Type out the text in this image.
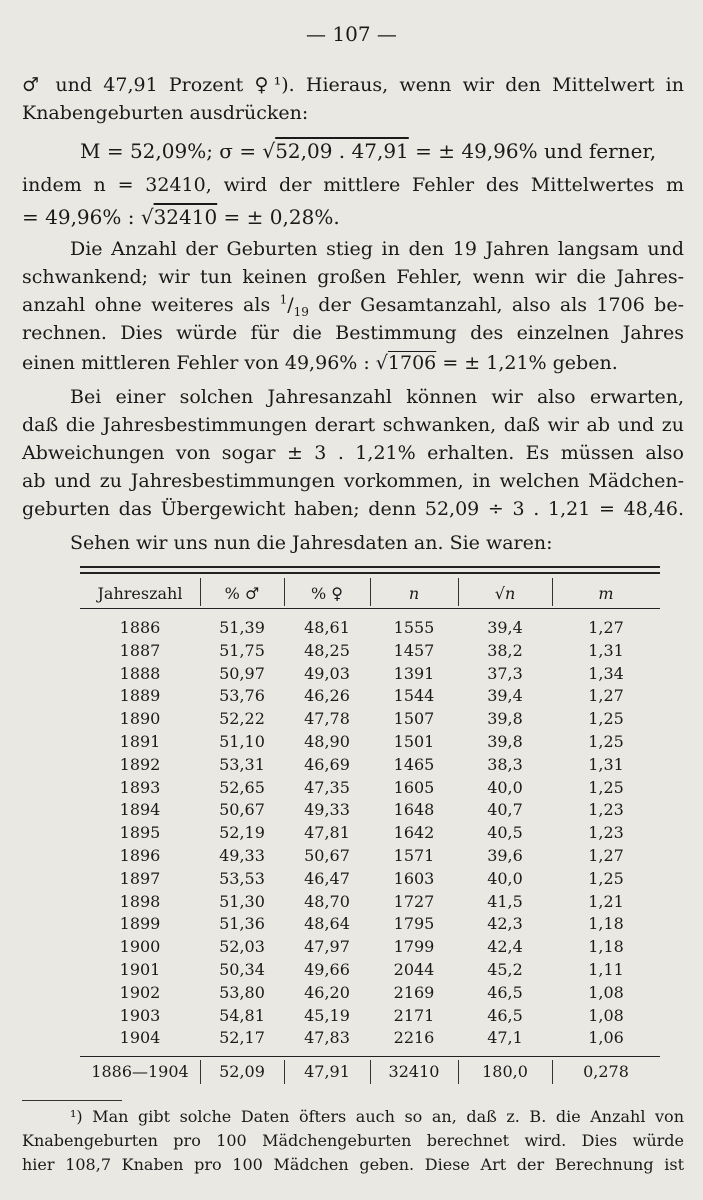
— 107 —
♂ und 47,91 Prozent ♀¹). Hieraus, wenn wir den Mittelwert in
Knabengeburten ausdrücken:
M = 52,09%; σ = √52,09 . 47,91 = ± 49,96% und ferner,
indem n = 32410, wird der mittlere Fehler des Mittelwertes m
= 49,96% : √32410 = ± 0,28%.
Die Anzahl der Geburten stieg in den 19 Jahren langsam und
schwankend; wir tun keinen großen Fehler, wenn wir die Jahres-
anzahl ohne weiteres als $^1/_{19}$ der Gesamtanzahl, also als 1706 be-
rechnen. Dies würde für die Bestimmung des einzelnen Jahres
einen mittleren Fehler von 49,96% : √1706 = ± 1,21% geben.
Bei einer solchen Jahresanzahl können wir also erwarten,
daß die Jahresbestimmungen derart schwanken, daß wir ab und zu
Abweichungen von sogar ± 3 . 1,21% erhalten. Es müssen also
ab und zu Jahresbestimmungen vorkommen, in welchen Mädchen-
geburten das Übergewicht haben; denn 52,09 ÷ 3 . 1,21 = 48,46.
Sehen wir uns nun die Jahresdaten an. Sie waren:
Jahreszahl	% ♂	% ♀	n	√n	m
1886	51,39	48,61	1555	39,4	1,27
1887	51,75	48,25	1457	38,2	1,31
1888	50,97	49,03	1391	37,3	1,34
1889	53,76	46,26	1544	39,4	1,27
1890	52,22	47,78	1507	39,8	1,25
1891	51,10	48,90	1501	39,8	1,25
1892	53,31	46,69	1465	38,3	1,31
1893	52,65	47,35	1605	40,0	1,25
1894	50,67	49,33	1648	40,7	1,23
1895	52,19	47,81	1642	40,5	1,23
1896	49,33	50,67	1571	39,6	1,27
1897	53,53	46,47	1603	40,0	1,25
1898	51,30	48,70	1727	41,5	1,21
1899	51,36	48,64	1795	42,3	1,18
1900	52,03	47,97	1799	42,4	1,18
1901	50,34	49,66	2044	45,2	1,11
1902	53,80	46,20	2169	46,5	1,08
1903	54,81	45,19	2171	46,5	1,08
1904	52,17	47,83	2216	47,1	1,06
1886—1904	52,09	47,91	32410	180,0	0,278
¹) Man gibt solche Daten öfters auch so an, daß z. B. die Anzahl von
Knabengeburten pro 100 Mädchengeburten berechnet wird. Dies würde
hier 108,7 Knaben pro 100 Mädchen geben. Diese Art der Berechnung ist
